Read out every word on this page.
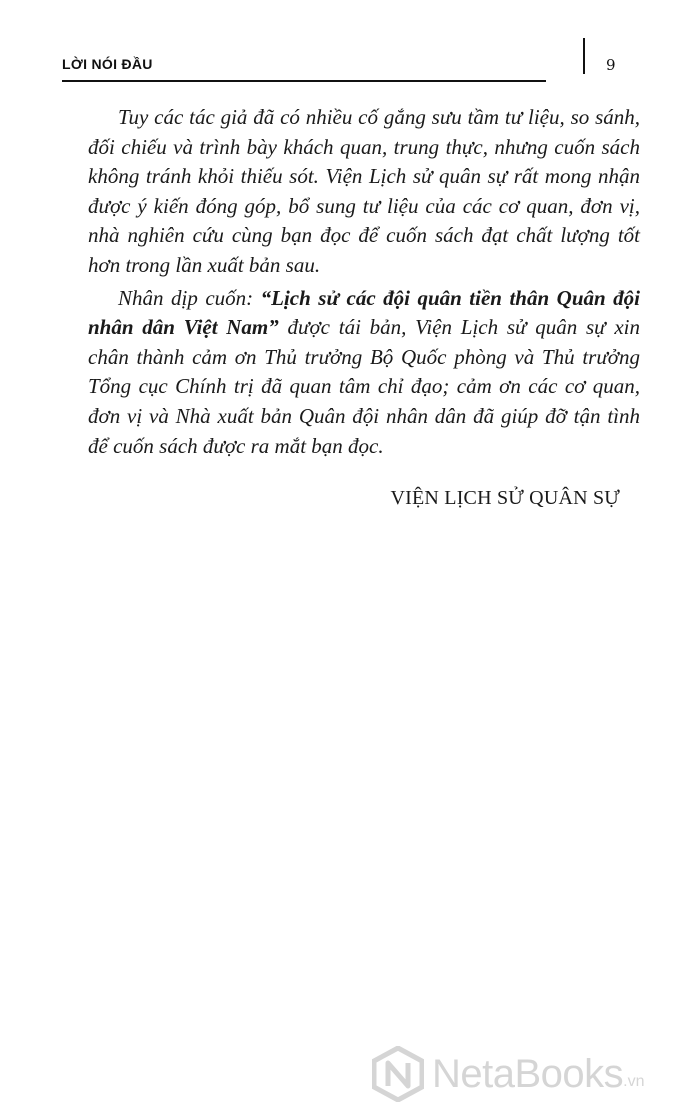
LỜI NÓI ĐẦU	9

Tuy các tác giả đã có nhiều cố gắng sưu tầm tư liệu, so sánh, đối chiếu và trình bày khách quan, trung thực, nhưng cuốn sách không tránh khỏi thiếu sót. Viện Lịch sử quân sự rất mong nhận được ý kiến đóng góp, bổ sung tư liệu của các cơ quan, đơn vị, nhà nghiên cứu cùng bạn đọc để cuốn sách đạt chất lượng tốt hơn trong lần xuất bản sau.

Nhân dịp cuốn: “Lịch sử các đội quân tiền thân Quân đội nhân dân Việt Nam” được tái bản, Viện Lịch sử quân sự xin chân thành cảm ơn Thủ trưởng Bộ Quốc phòng và Thủ trưởng Tổng cục Chính trị đã quan tâm chỉ đạo; cảm ơn các cơ quan, đơn vị và Nhà xuất bản Quân đội nhân dân đã giúp đỡ tận tình để cuốn sách được ra mắt bạn đọc.

VIỆN LỊCH SỬ QUÂN SỰ
NetaBooks .vn
